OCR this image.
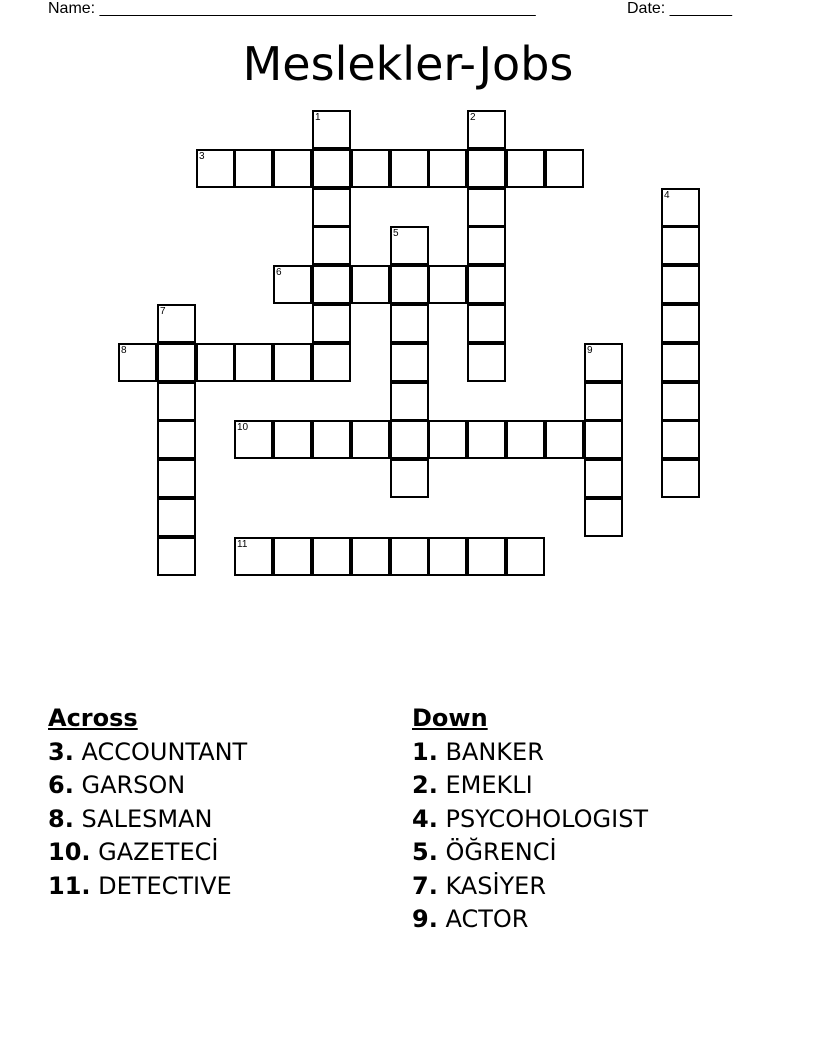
Name: _________________________________________________	Date: _______
Meslekler-Jobs
1	2
3
4
5
6
7
8	9
10
11
Across
3. ACCOUNTANT
6. GARSON
8. SALESMAN
10. GAZETECİ
11. DETECTIVE
Down
1. BANKER
2. EMEKLI
4. PSYCOHOLOGIST
5. ÖĞRENCİ
7. KASİYER
9. ACTOR
